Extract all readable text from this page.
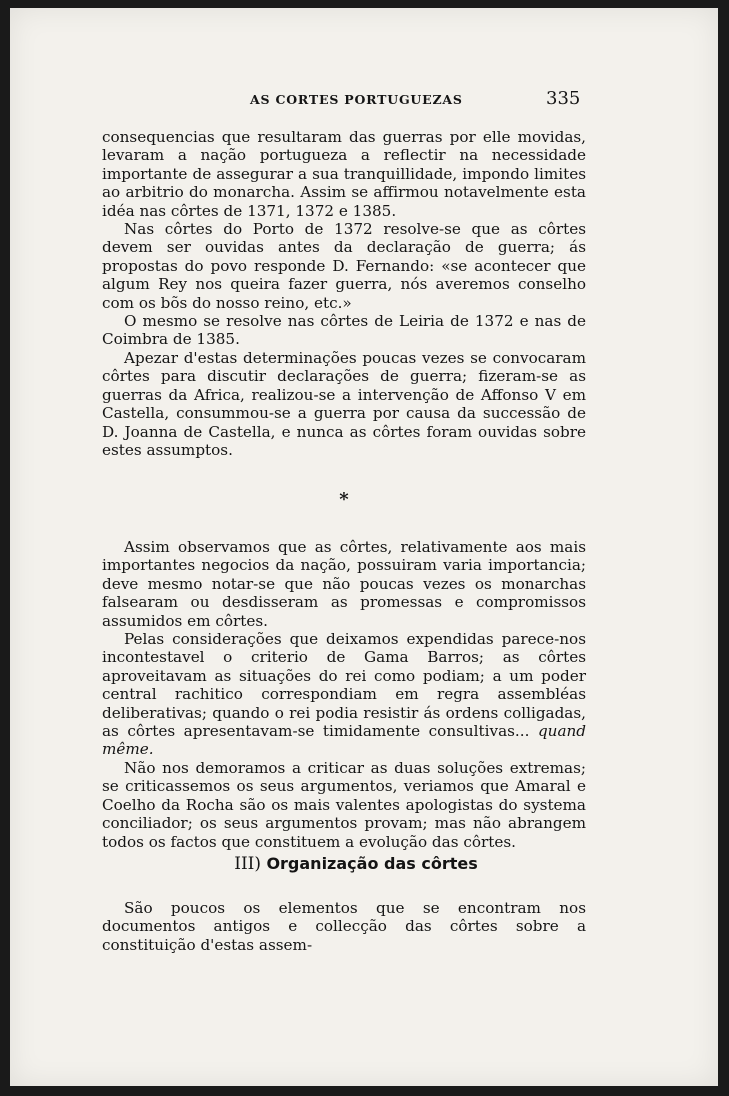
AS CORTES PORTUGUEZAS	335

consequencias que resultaram das guerras por elle movidas, levaram a nação portugueza a reflectir na necessidade importante de assegurar a sua tranquillidade, impondo limites ao arbitrio do monarcha. Assim se affirmou notavelmente esta idéa nas côrtes de 1371, 1372 e 1385.

Nas côrtes do Porto de 1372 resolve-se que as côrtes devem ser ouvidas antes da declaração de guerra; ás propostas do povo responde D. Fernando: «se acontecer que algum Rey nos queira fazer guerra, nós averemos conselho com os bõs do nosso reino, etc.»

O mesmo se resolve nas côrtes de Leiria de 1372 e nas de Coimbra de 1385.

Apezar d'estas determinações poucas vezes se convocaram côrtes para discutir declarações de guerra; fizeram-se as guerras da Africa, realizou-se a intervenção de Affonso V em Castella, consummou-se a guerra por causa da successão de D. Joanna de Castella, e nunca as côrtes foram ouvidas sobre estes assumptos.

*

Assim observamos que as côrtes, relativamente aos mais importantes negocios da nação, possuiram varia importancia; deve mesmo notar-se que não poucas vezes os monarchas falsearam ou desdisseram as promessas e compromissos assumidos em côrtes.

Pelas considerações que deixamos expendidas parece-nos incontestavel o criterio de Gama Barros; as côrtes aproveitavam as situações do rei como podiam; a um poder central rachitico correspondiam em regra assembléas deliberativas; quando o rei podia resistir ás ordens colligadas, as côrtes apresentavam-se timidamente consultivas... quand même.

Não nos demoramos a criticar as duas soluções extremas; se criticassemos os seus argumentos, veriamos que Amaral e Coelho da Rocha são os mais valentes apologistas do systema conciliador; os seus argumentos provam; mas não abrangem todos os factos que constituem a evolução das côrtes.

III) Organização das côrtes

São poucos os elementos que se encontram nos documentos antigos e collecção das côrtes sobre a constituição d'estas assem-
